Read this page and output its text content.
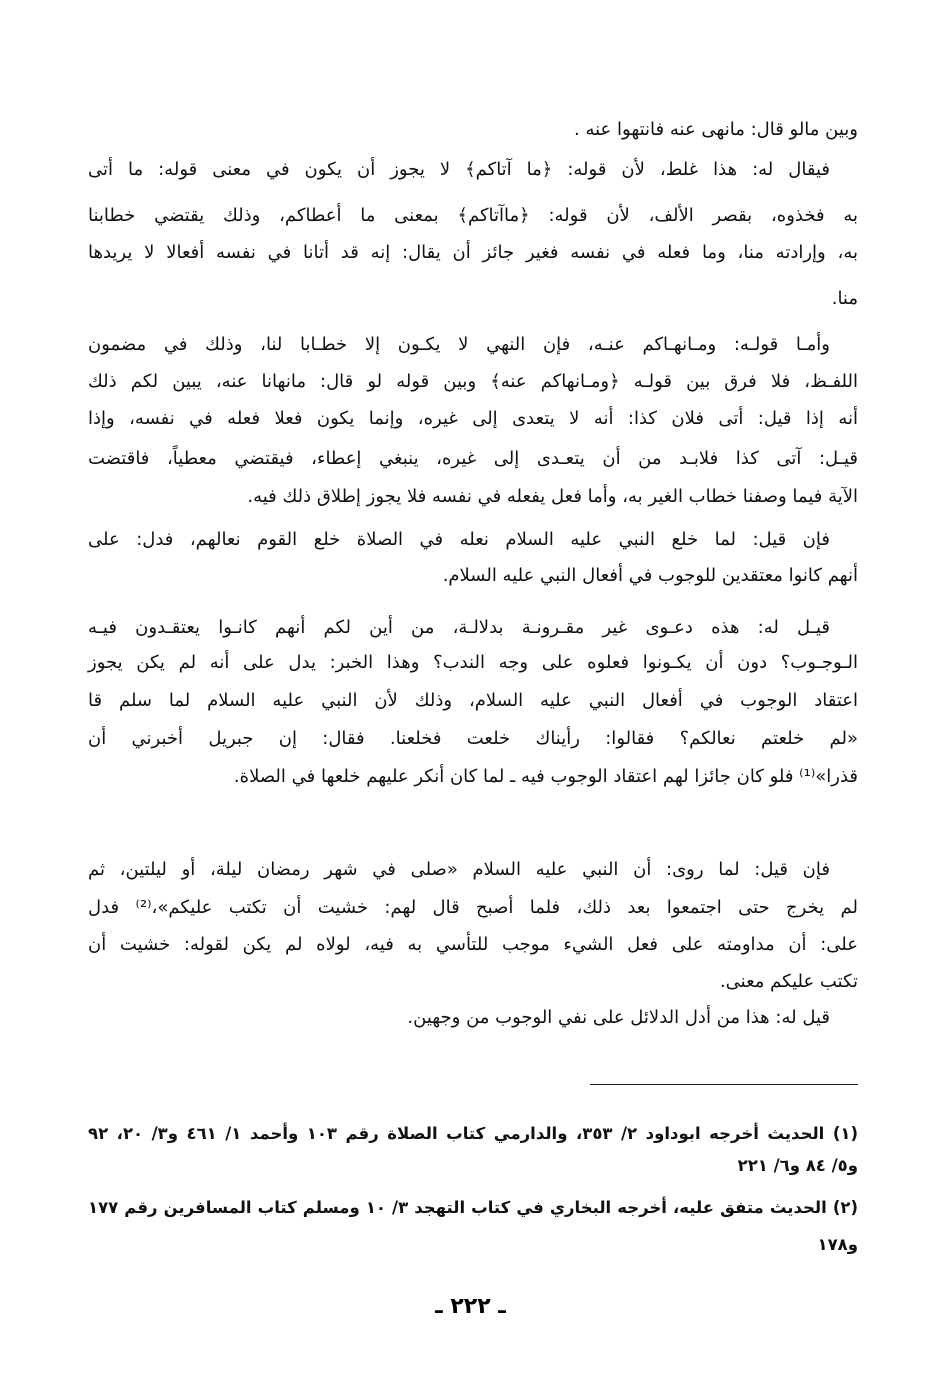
وبين مالو قال: مانهى عنه فانتهوا عنه .
فيقال له: هذا غلط، لأن قوله: ﴿ما آتاكم﴾ لا يجوز أن يكون في معنى قوله: ما أتى
به فخذوه، بقصر الألف، لأن قوله: ﴿ماآتاكم﴾ بمعنى ما أعطاكم، وذلك يقتضي خطابنا
به، وإرادته منا، وما فعله في نفسه فغير جائز أن يقال: إنه قد أتانا في نفسه أفعالا لا يريدها
منا.
وأمـا قولـه: ومـانهـاكم عنـه، فإن النهي لا يكـون إلا خطـابا لنا، وذلك في مضمون
اللفـظ، فلا فرق بين قولـه ﴿ومـانهاكم عنه﴾ وبين قوله لو قال: مانهانا عنه، يبين لكم ذلك
أنه إذا قيل: أتى فلان كذا: أنه لا يتعدى إلى غيره، وإنما يكون فعلا فعله في نفسه، وإذا
قيـل: آتى كذا فلابـد من أن يتعـدى إلى غيره، ينبغي إعطاء، فيقتضي معطياً، فاقتضت
الآية فيما وصفنا خطاب الغير به، وأما فعل يفعله في نفسه فلا يجوز إطلاق ذلك فيه.
فإن قيل: لما خلع النبي عليه السلام نعله في الصلاة خلع القوم نعالهم، فدل: على
أنهم كانوا معتقدين للوجوب في أفعال النبي عليه السلام.
قيـل له: هذه دعـوى غير مقـرونـة بدلالـة، من أين لكم أنهم كانـوا يعتقـدون فيـه
الـوجـوب؟ دون أن يكـونوا فعلوه على وجه الندب؟ وهذا الخبر: يدل على أنه لم يكن يجوز
اعتقاد الوجوب في أفعال النبي عليه السلام، وذلك لأن النبي عليه السلام لما سلم قا
«لم خلعتم نعالكم؟ فقالوا: رأيناك خلعت فخلعنا. فقال: إن جبريل أخبرني أن
قذرا»⁽¹⁾ فلو كان جائزا لهم اعتقاد الوجوب فيه ـ لما كان أنكر عليهم خلعها في الصلاة.
فإن قيل: لما روى: أن النبي عليه السلام «صلى في شهر رمضان ليلة، أو ليلتين، ثم
لم يخرج حتى اجتمعوا بعد ذلك، فلما أصبح قال لهم: خشيت أن تكتب عليكم»،⁽²⁾ فدل
على: أن مداومته على فعل الشيء موجب للتأسي به فيه، لولاه لم يكن لقوله: خشيت أن
تكتب عليكم معنى.
قيل له: هذا من أدل الدلائل على نفي الوجوب من وجهين.
(١) الحديث أخرجه ابوداود ٢/ ٣٥٣، والدارمي كتاب الصلاة رقم ١٠٣ وأحمد ١/ ٤٦١ و٣/ ٢٠، ٩٢
و٥/ ٨٤ و٦/ ٢٢١
(٢) الحديث متفق عليه، أخرجه البخاري في كتاب التهجد ٣/ ١٠ ومسلم كتاب المسافرين رقم ١٧٧
و١٧٨
ـ ٢٢٢ ـ
